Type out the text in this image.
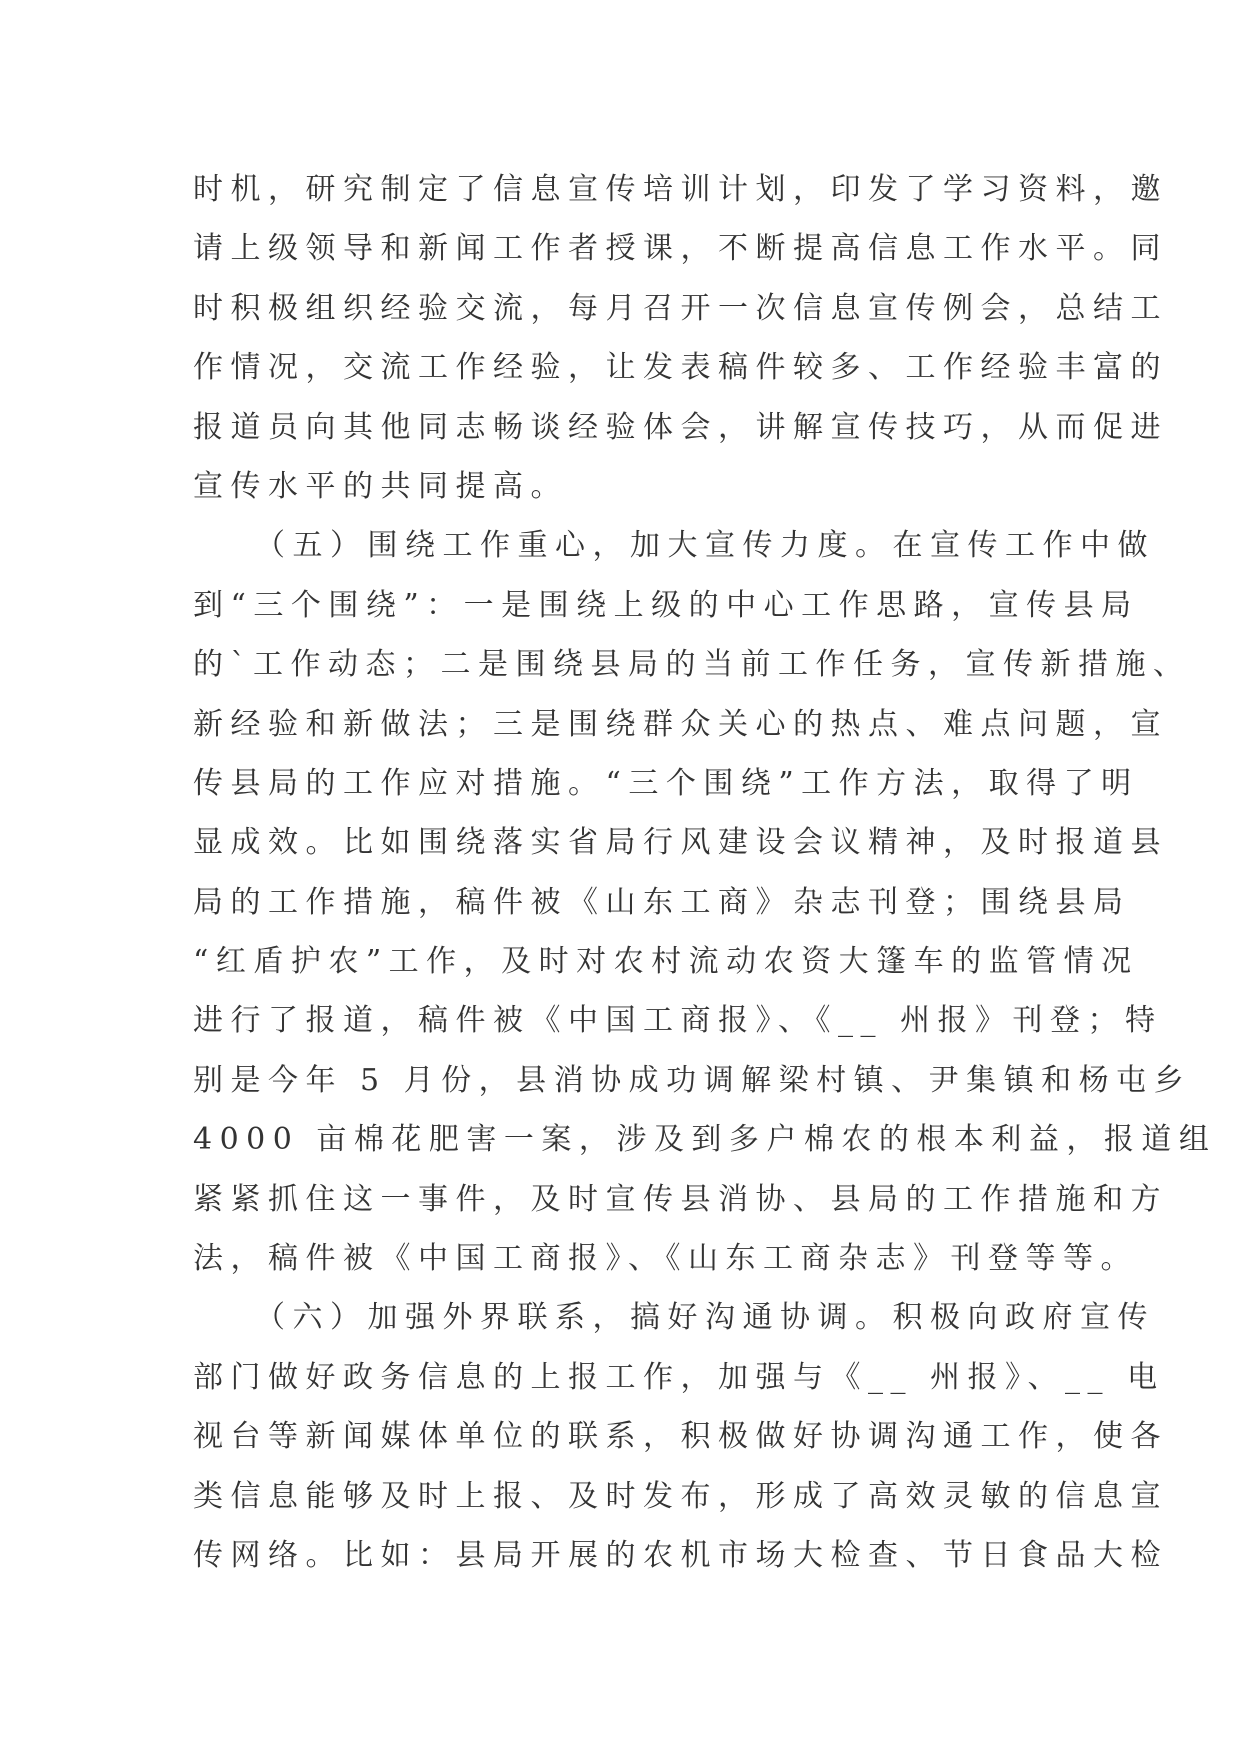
时机，研究制定了信息宣传培训计划，印发了学习资料，邀
请上级领导和新闻工作者授课，不断提高信息工作水平。同
时积极组织经验交流，每月召开一次信息宣传例会，总结工
作情况，交流工作经验，让发表稿件较多、工作经验丰富的
报道员向其他同志畅谈经验体会，讲解宣传技巧，从而促进
宣传水平的共同提高。
（五）围绕工作重心，加大宣传力度。在宣传工作中做
到“三个围绕”：一是围绕上级的中心工作思路，宣传县局
的`工作动态；二是围绕县局的当前工作任务，宣传新措施、
新经验和新做法；三是围绕群众关心的热点、难点问题，宣
传县局的工作应对措施。“三个围绕”工作方法，取得了明
显成效。比如围绕落实省局行风建设会议精神，及时报道县
局的工作措施，稿件被《山东工商》杂志刊登；围绕县局
“红盾护农”工作，及时对农村流动农资大篷车的监管情况
进行了报道，稿件被《中国工商报》、《__ 州报》刊登；特
别是今年 5 月份，县消协成功调解梁村镇、尹集镇和杨屯乡
4000 亩棉花肥害一案，涉及到多户棉农的根本利益，报道组
紧紧抓住这一事件，及时宣传县消协、县局的工作措施和方
法，稿件被《中国工商报》、《山东工商杂志》刊登等等。
（六）加强外界联系，搞好沟通协调。积极向政府宣传
部门做好政务信息的上报工作，加强与《__ 州报》、__ 电
视台等新闻媒体单位的联系，积极做好协调沟通工作，使各
类信息能够及时上报、及时发布，形成了高效灵敏的信息宣
传网络。比如：县局开展的农机市场大检查、节日食品大检
